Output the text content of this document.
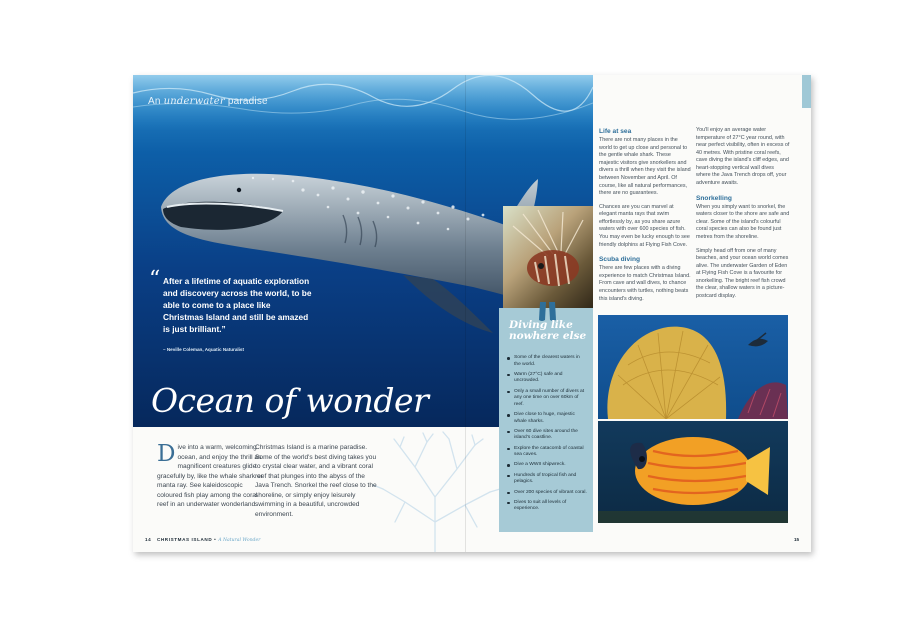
An underwater paradise
“ After a lifetime of aquatic exploration and discovery across the world, to be able to come to a place like Christmas Island and still be amazed is just brilliant.”
– Neville Coleman, Aquatic Naturalist
Ocean of wonder
Dive into a warm, welcoming ocean, and enjoy the thrill as magnificent creatures glide gracefully by, like the whale shark or manta ray. See kaleidoscopic coloured fish play among the coral reef in an underwater wonderland.
Christmas Island is a marine paradise. Some of the world's best diving takes you to crystal clear water, and a vibrant coral reef that plunges into the abyss of the Java Trench. Snorkel the reef close to the shoreline, or simply enjoy leisurely swimming in a beautiful, uncrowded environment.
14 CHRISTMAS ISLAND • A Natural Wonder
Life at sea

There are not many places in the world to get up close and personal to the gentle whale shark. These majestic visitors give snorkellers and divers a thrill when they visit the island between November and April. Of course, like all natural performances, there are no guarantees.

Chances are you can marvel at elegant manta rays that swim effortlessly by, as you share azure waters with over 600 species of fish. You may even be lucky enough to see friendly dolphins at Flying Fish Cove.

Scuba diving

There are few places with a diving experience to match Christmas Island. From cave and wall dives, to chance encounters with turtles, nothing beats this island's diving.

You'll enjoy an average water temperature of 27°C year round, with near perfect visibility, often in excess of 40 metres. With pristine coral reefs, cave diving the island's cliff edges, and heart-stopping vertical wall dives where the Java Trench drops off, your adventure awaits.

Snorkelling

When you simply want to snorkel, the waters closer to the shore are safe and clear. Some of the island's colourful coral species can also be found just metres from the shoreline.

Simply head off from one of many beaches, and your ocean world comes alive. The underwater Garden of Eden at Flying Fish Cove is a favourite for snorkelling. The bright reef fish crowd the clear, shallow waters in a picture-postcard display.

Diving like nowhere else
Some of the clearest waters in the world.
Warm (27°C) safe and uncrowded.
Only a small number of divers at any one time on over 60km of reef.
Dive close to huge, majestic whale sharks.
Over 60 dive sites around the island's coastline.
Explore the catacomb of coastal sea caves.
Dive a WWII shipwreck.
Hundreds of tropical fish and pelagics.
Over 200 species of vibrant coral.
Dives to suit all levels of experience.
15
